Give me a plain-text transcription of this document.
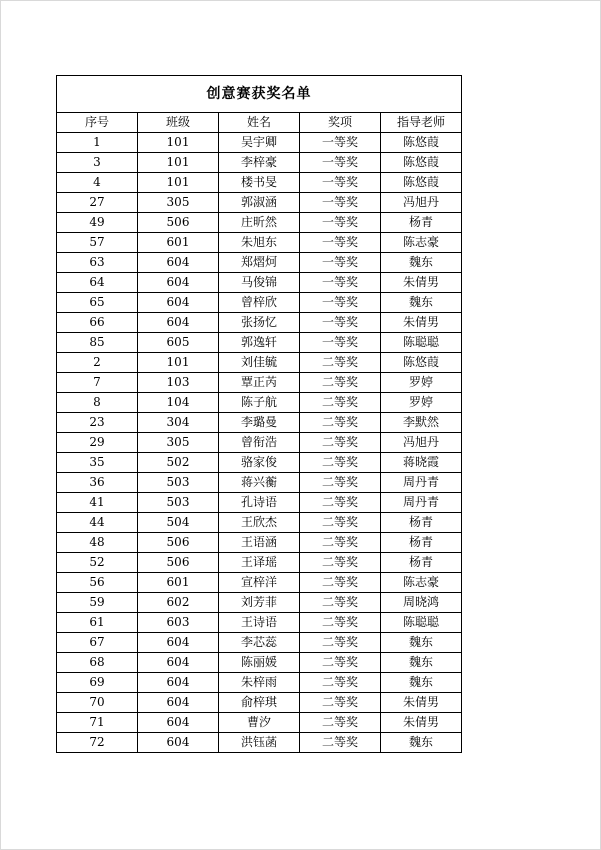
创意赛获奖名单				
序号	班级	姓名	奖项	指导老师
1	101	吴宇卿	一等奖	陈悠葭
3	101	李梓豪	一等奖	陈悠葭
4	101	楼书旻	一等奖	陈悠葭
27	305	郭淑涵	一等奖	冯旭丹
49	506	庄昕然	一等奖	杨青
57	601	朱旭东	一等奖	陈志豪
63	604	郑熠炣	一等奖	魏东
64	604	马俊锦	一等奖	朱倩男
65	604	曾梓欣	一等奖	魏东
66	604	张扬忆	一等奖	朱倩男
85	605	郭逸轩	一等奖	陈聪聪
2	101	刘佳毓	二等奖	陈悠葭
7	103	覃正芮	二等奖	罗婷
8	104	陈子航	二等奖	罗婷
23	304	李璐曼	二等奖	李默然
29	305	曾衔浩	二等奖	冯旭丹
35	502	骆家俊	二等奖	蒋晓霞
36	503	蒋兴蘅	二等奖	周丹青
41	503	孔诗语	二等奖	周丹青
44	504	王欣杰	二等奖	杨青
48	506	王语涵	二等奖	杨青
52	506	王译瑶	二等奖	杨青
56	601	宣梓洋	二等奖	陈志豪
59	602	刘芳菲	二等奖	周晓鸿
61	603	王诗语	二等奖	陈聪聪
67	604	李芯蕊	二等奖	魏东
68	604	陈丽媛	二等奖	魏东
69	604	朱梓雨	二等奖	魏东
70	604	俞梓琪	二等奖	朱倩男
71	604	曹汐	二等奖	朱倩男
72	604	洪钰菡	二等奖	魏东
